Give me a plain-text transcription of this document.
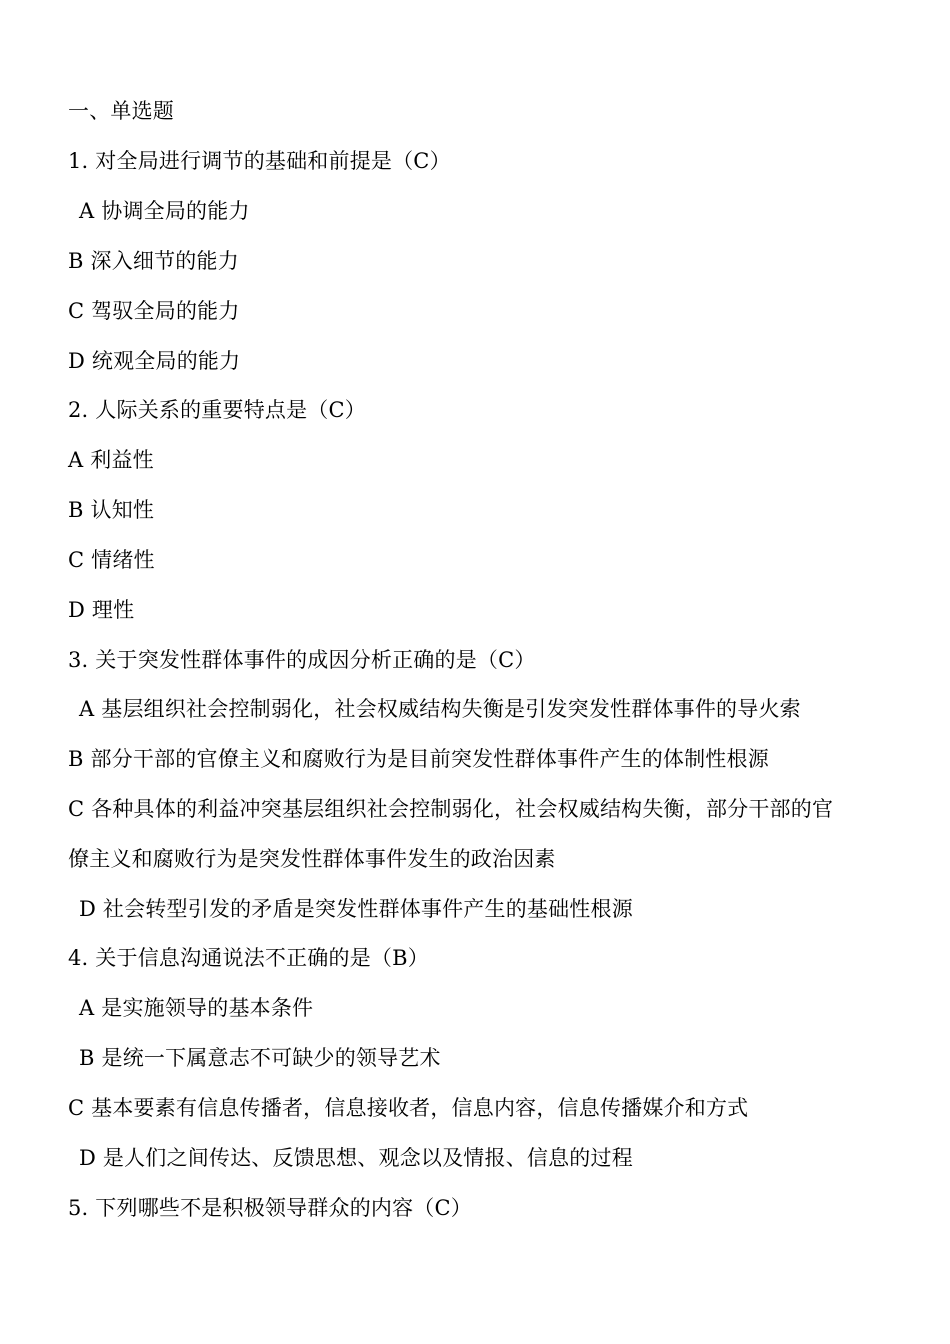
一、单选题
1. 对全局进行调节的基础和前提是（C）
A 协调全局的能力
B 深入细节的能力
C 驾驭全局的能力
D 统观全局的能力
2. 人际关系的重要特点是（C）
A 利益性
B 认知性
C 情绪性
D 理性
3. 关于突发性群体事件的成因分析正确的是（C）
A 基层组织社会控制弱化，社会权威结构失衡是引发突发性群体事件的导火索
B 部分干部的官僚主义和腐败行为是目前突发性群体事件产生的体制性根源
C 各种具体的利益冲突基层组织社会控制弱化，社会权威结构失衡，部分干部的官
僚主义和腐败行为是突发性群体事件发生的政治因素
D 社会转型引发的矛盾是突发性群体事件产生的基础性根源
4. 关于信息沟通说法不正确的是（B）
A 是实施领导的基本条件
B 是统一下属意志不可缺少的领导艺术
C 基本要素有信息传播者，信息接收者，信息内容，信息传播媒介和方式
D 是人们之间传达、反馈思想、观念以及情报、信息的过程
5. 下列哪些不是积极领导群众的内容（C）
